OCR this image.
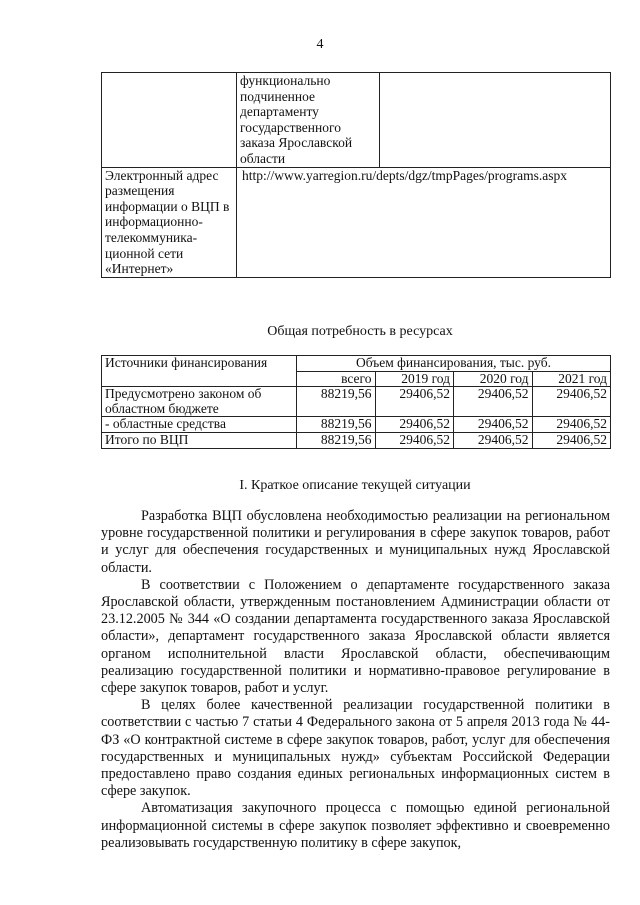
4
	функционально подчиненное департаменту государственного заказа Ярославской области	
Электронный адрес размещения информации о ВЦП в информационно-телекоммуника-ционной сети «Интернет»	http://www.yarregion.ru/depts/dgz/tmpPages/programs.aspx	
Общая потребность в ресурсах
Источники финансирования	Объем финансирования, тыс. руб.			
	всего	2019 год	2020 год	2021 год
Предусмотрено законом об областном бюджете	88219,56	29406,52	29406,52	29406,52
- областные средства	88219,56	29406,52	29406,52	29406,52
Итого по ВЦП	88219,56	29406,52	29406,52	29406,52
I. Краткое описание текущей ситуации

Разработка ВЦП обусловлена необходимостью реализации на региональном уровне государственной политики и регулирования в сфере закупок товаров, работ и услуг для обеспечения государственных и муниципальных нужд Ярославской области.

В соответствии с Положением о департаменте государственного заказа Ярославской области, утвержденным постановлением Администрации области от 23.12.2005 № 344 «О создании департамента государственного заказа Ярославской области», департамент государственного заказа Ярославской области является органом исполнительной власти Ярославской области, обеспечивающим реализацию государственной политики и нормативно-правовое регулирование в сфере закупок товаров, работ и услуг.

В целях более качественной реализации государственной политики в соответствии с частью 7 статьи 4 Федерального закона от 5 апреля 2013 года № 44-ФЗ «О контрактной системе в сфере закупок товаров, работ, услуг для обеспечения государственных и муниципальных нужд» субъектам Российской Федерации предоставлено право создания единых региональных информационных систем в сфере закупок.

Автоматизация закупочного процесса с помощью единой региональной информационной системы в сфере закупок позволяет эффективно и своевременно реализовывать государственную политику в сфере закупок,
